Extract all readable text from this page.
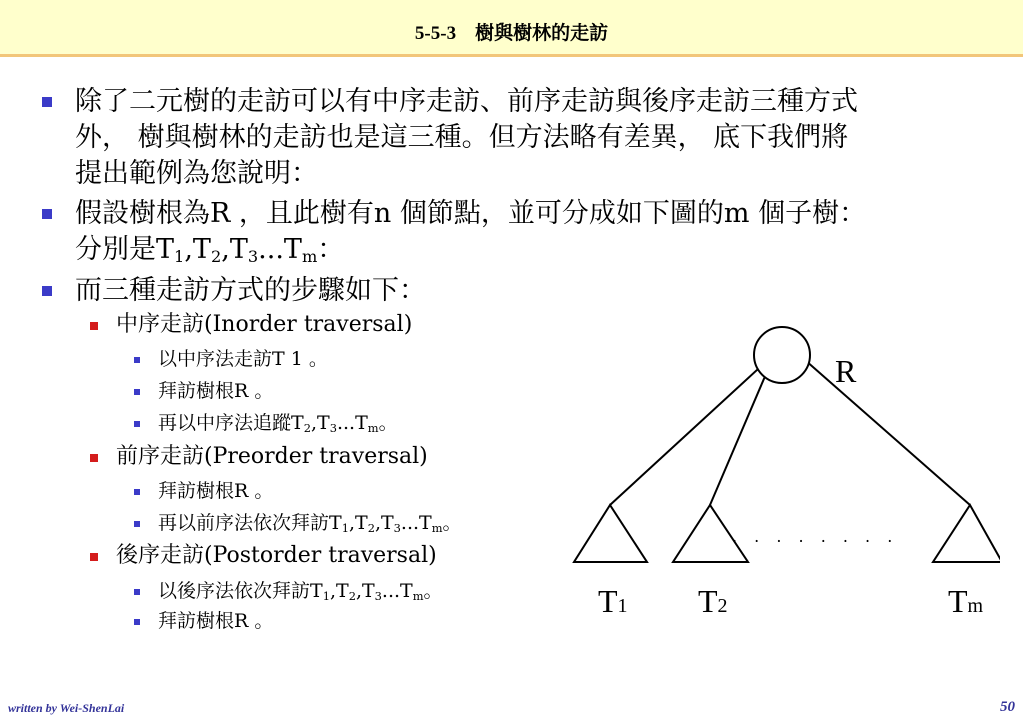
5-5-3　樹與樹林的走訪
除了二元樹的走訪可以有中序走訪、前序走訪與後序走訪三種方式
外， 樹與樹林的走訪也是這三種。但方法略有差異， 底下我們將
提出範例為您說明：
假設樹根為R ，且此樹有n 個節點，並可分成如下圖的m 個子樹：
分別是$T_1,T_2,T_3...T_m$：
而三種走訪方式的步驟如下：
中序走訪(Inorder traversal)
以中序法走訪T 1 。
拜訪樹根R 。
再以中序法追蹤$T_2,T_3...T_m$。
前序走訪(Preorder traversal)
拜訪樹根R 。
再以前序法依次拜訪$T_1,T_2,T_3...T_m$。
後序走訪(Postorder traversal)
以後序法依次拜訪$T_1,T_2,T_3...T_m$。
拜訪樹根R 。
R
. . . . . . . .
T1 T2	Tm
written by Wei-ShenLai	50
